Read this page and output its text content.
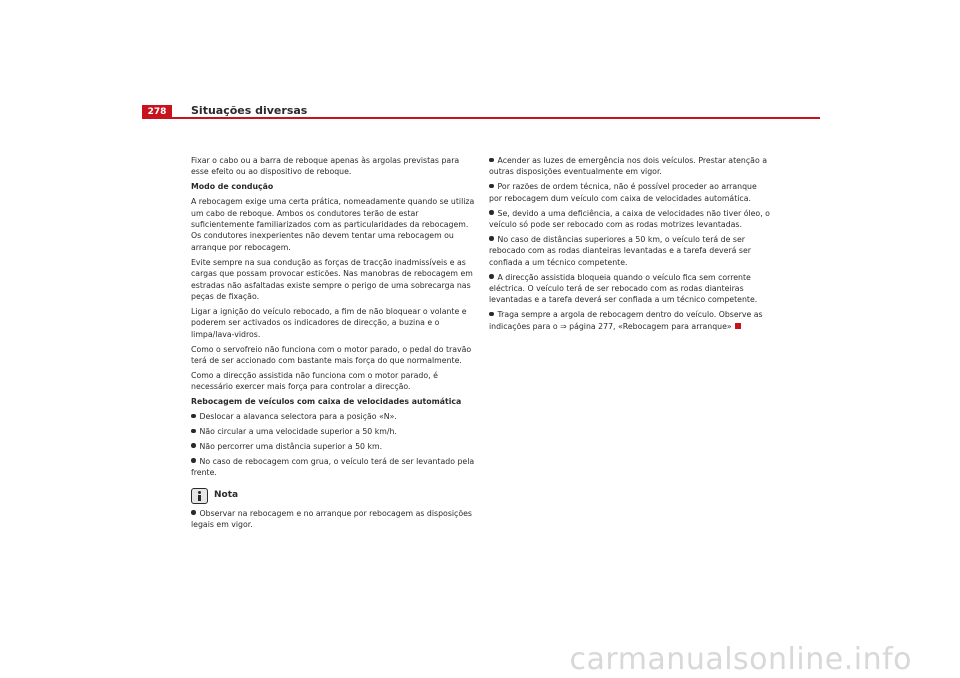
278	Situações diversas

Fixar o cabo ou a barra de reboque apenas às argolas previstas para esse efeito ou ao dispositivo de reboque.

Modo de condução

A rebocagem exige uma certa prática, nomeadamente quando se utiliza um cabo de reboque. Ambos os condutores terão de estar suficientemente familiarizados com as particularidades da rebocagem. Os condutores inexperientes não devem tentar uma rebocagem ou arranque por rebocagem.

Evite sempre na sua condução as forças de tracção inadmissíveis e as cargas que possam provocar esticões. Nas manobras de rebocagem em estradas não asfaltadas existe sempre o perigo de uma sobrecarga nas peças de fixação.

Ligar a ignição do veículo rebocado, a fim de não bloquear o volante e poderem ser activados os indicadores de direcção, a buzina e o limpa/lava-vidros.

Como o servofreio não funciona com o motor parado, o pedal do travão terá de ser accionado com bastante mais força do que normalmente.

Como a direcção assistida não funciona com o motor parado, é necessário exercer mais força para controlar a direcção.

Rebocagem de veículos com caixa de velocidades automática

Deslocar a alavanca selectora para a posição «N».
Não circular a uma velocidade superior a 50 km/h.
Não percorrer uma distância superior a 50 km.
No caso de rebocagem com grua, o veículo terá de ser levantado pela frente.
Nota
Observar na rebocagem e no arranque por rebocagem as disposições legais em vigor.
Acender as luzes de emergência nos dois veículos. Prestar atenção a outras disposições eventualmente em vigor.
Por razões de ordem técnica, não é possível proceder ao arranque por rebocagem dum veículo com caixa de velocidades automática.
Se, devido a uma deficiência, a caixa de velocidades não tiver óleo, o veículo só pode ser rebocado com as rodas motrizes levantadas.
No caso de distâncias superiores a 50 km, o veículo terá de ser rebocado com as rodas dianteiras levantadas e a tarefa deverá ser confiada a um técnico competente.
A direcção assistida bloqueia quando o veículo fica sem corrente eléctrica. O veículo terá de ser rebocado com as rodas dianteiras levantadas e a tarefa deverá ser confiada a um técnico competente.
Traga sempre a argola de rebocagem dentro do veículo. Observe as indicações para o ⇒ página 277, «Rebocagem para arranque»
carmanualsonline.info
